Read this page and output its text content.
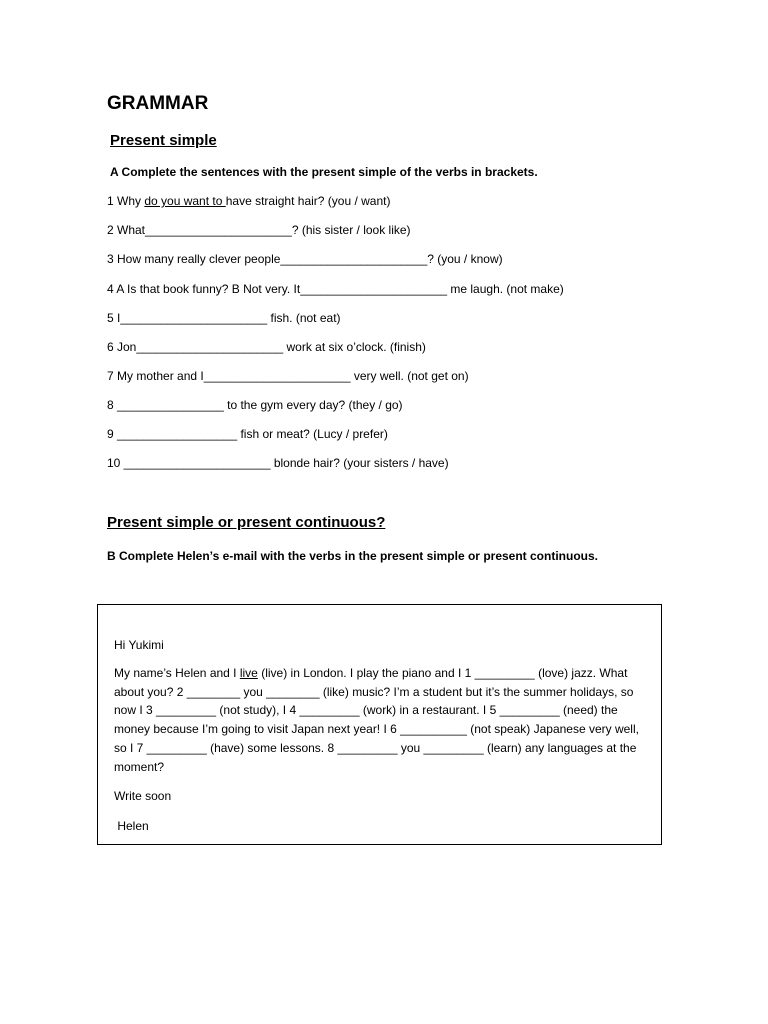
GRAMMAR
Present simple
A Complete the sentences with the present simple of the verbs in brackets.
1 Why do you want to have straight hair? (you / want)
2 What______________________? (his sister / look like)
3 How many really clever people______________________? (you / know)
4 A Is that book funny? B Not very. It______________________ me laugh. (not make)
5 I______________________ fish. (not eat)
6 Jon______________________ work at six o’clock. (finish)
7 My mother and I______________________ very well. (not get on)
8 ________________ to the gym every day? (they / go)
9 __________________ fish or meat? (Lucy / prefer)
10 ______________________ blonde hair? (your sisters / have)
Present simple or present continuous?
B Complete Helen’s e-mail with the verbs in the present simple or present continuous.
Hi Yukimi
My name’s Helen and I live (live) in London. I play the piano and I 1 _________ (love) jazz. What about you? 2 ________ you ________ (like) music? I’m a student but it’s the summer holidays, so now I 3 _________ (not study), I 4 _________ (work) in a restaurant. I 5 _________ (need) the money because I’m going to visit Japan next year! I 6 __________ (not speak) Japanese very well, so I 7 _________ (have) some lessons. 8 _________ you _________ (learn) any languages at the moment?
Write soon
Helen
